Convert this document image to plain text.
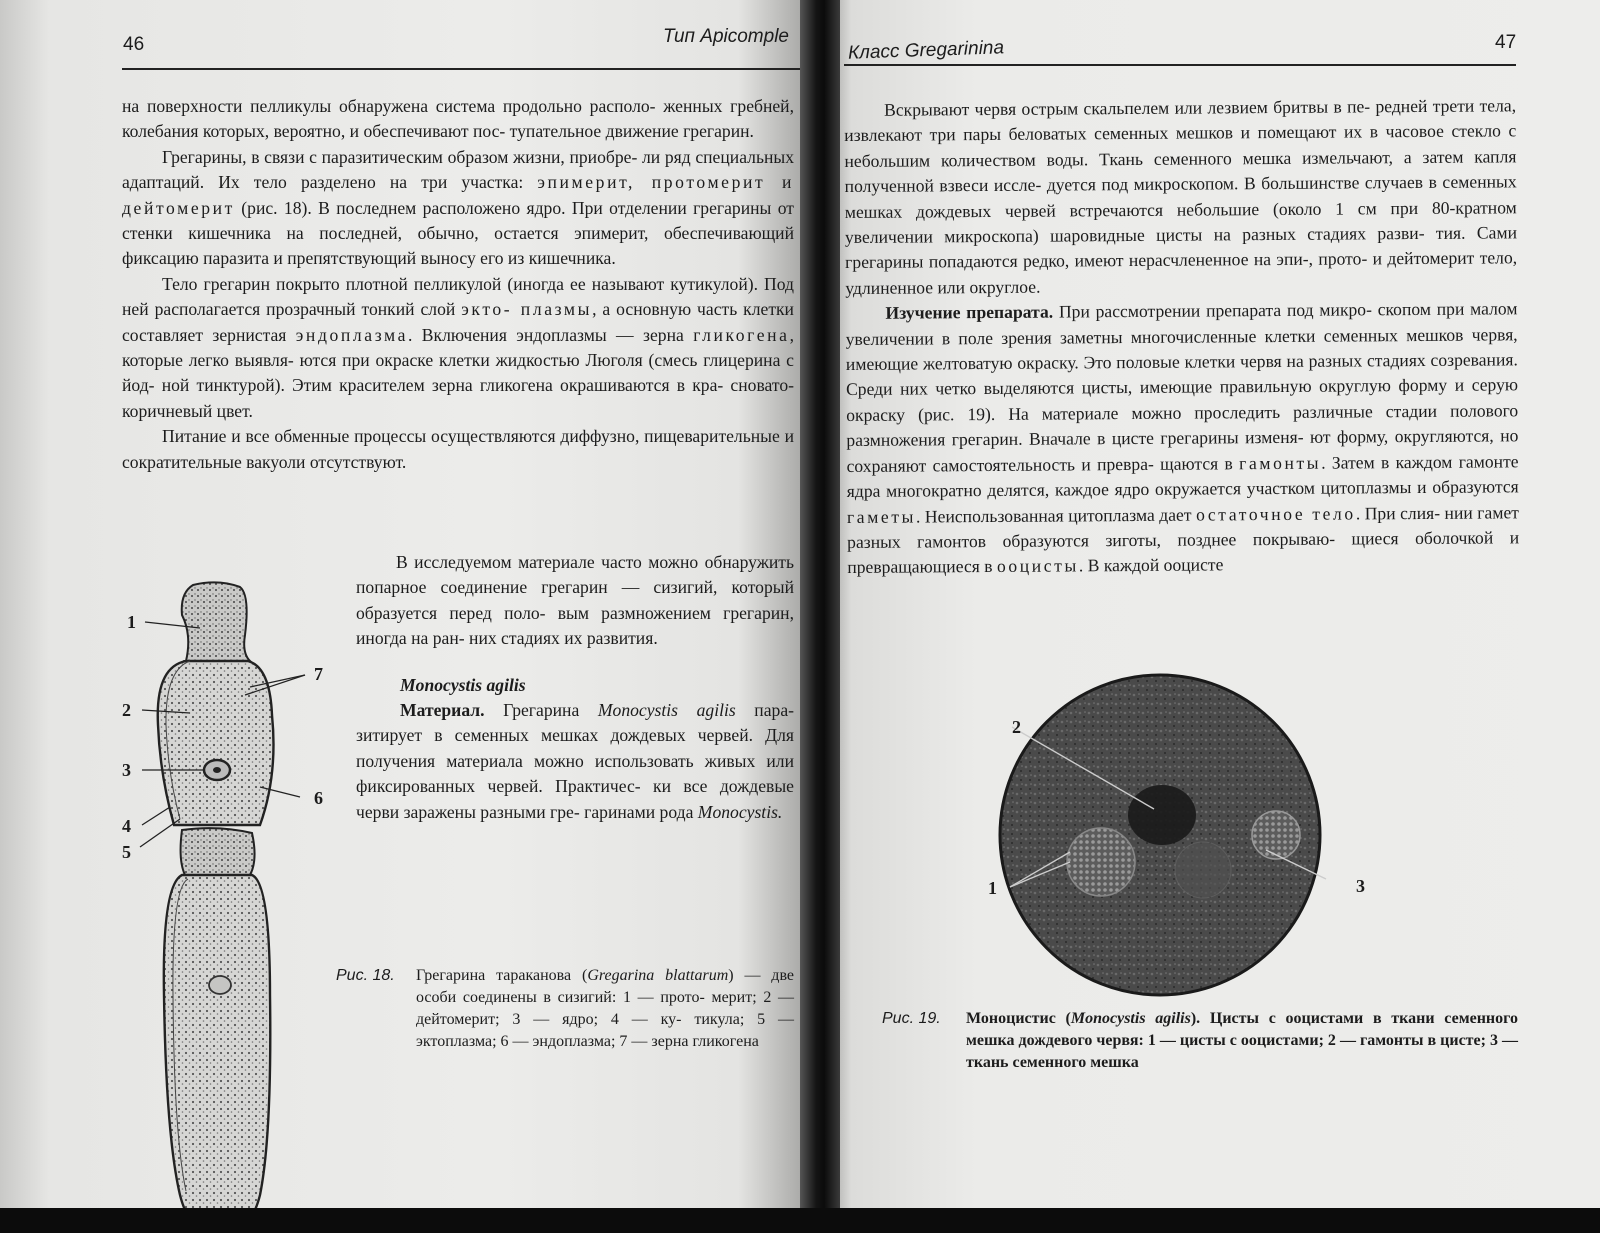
46	Тип Apicomple

на поверхности пелликулы обнаружена система продольно располо- женных гребней, колебания которых, вероятно, и обеспечивают пос- тупательное движение грегарин.

Грегарины, в связи с паразитическим образом жизни, приобре- ли ряд специальных адаптаций. Их тело разделено на три участка: эпимерит, протомерит и дейтомерит (рис. 18). В последнем расположено ядро. При отделении грегарины от стенки кишечника на последней, обычно, остается эпимерит, обеспечивающий фиксацию паразита и препятствующий выносу его из кишечника.

Тело грегарин покрыто плотной пелликулой (иногда ее называют кутикулой). Под ней располагается прозрачный тонкий слой экто- плазмы, а основную часть клетки составляет зернистая эндоплазма. Включения эндоплазмы — зерна гликогена, которые легко выявля- ются при окраске клетки жидкостью Люголя (смесь глицерина с йод- ной тинктурой). Этим красителем зерна гликогена окрашиваются в кра- сновато-коричневый цвет.

Питание и все обменные процессы осуществляются диффузно, пищеварительные и сократительные вакуоли отсутствуют.

В исследуемом материале часто можно обнаружить попарное соединение грегарин — сизигий, который образуется перед поло- вым размножением грегарин, иногда на ран- них стадиях их развития.

Monocystis agilis

Материал. Грегарина Monocystis agilis пара- зитирует в семенных мешках дождевых червей. Для получения материала можно использовать живых или фиксированных червей. Практичес- ки все дождевые черви заражены разными гре- гаринами рода Monocystis.

1
2
3
4
5
6
7
Рис. 18. Грегарина тараканова (Gregarina blattarum) — две особи соединены в сизигий: 1 — прото- мерит; 2 — дейтомерит; 3 — ядро; 4 — ку- тикула; 5 — эктоплазма; 6 — эндоплазма; 7 — зерна гликогена
Класс Gregarinina	47

Вскрывают червя острым скальпелем или лезвием бритвы в пе- редней трети тела, извлекают три пары беловатых семенных мешков и помещают их в часовое стекло с небольшим количеством воды. Ткань семенного мешка измельчают, а затем капля полученной взвеси иссле- дуется под микроскопом. В большинстве случаев в семенных мешках дождевых червей встречаются небольшие (около 1 см при 80-кратном увеличении микроскопа) шаровидные цисты на разных стадиях разви- тия. Сами грегарины попадаются редко, имеют нерасчлененное на эпи-, прото- и дейтомерит тело, удлиненное или округлое.

Изучение препарата. При рассмотрении препарата под микро- скопом при малом увеличении в поле зрения заметны многочисленные клетки семенных мешков червя, имеющие желтоватую окраску. Это половые клетки червя на разных стадиях созревания. Среди них четко выделяются цисты, имеющие правильную округлую форму и серую окраску (рис. 19). На материале можно проследить различные стадии полового размножения грегарин. Вначале в цисте грегарины изменя- ют форму, округляются, но сохраняют самостоятельность и превра- щаются в гамонты. Затем в каждом гамонте ядра многократно делятся, каждое ядро окружается участком цитоплазмы и образуются гаметы. Неиспользованная цитоплазма дает остаточное тело. При слия- нии гамет разных гамонтов образуются зиготы, позднее покрываю- щиеся оболочкой и превращающиеся в ооцисты. В каждой ооцисте

2
1	3
Рис. 19. Моноцистис (Monocystis agilis). Цисты с ооцистами в ткани семенного мешка дождевого червя: 1 — цисты с ооцистами; 2 — гамонты в цисте; 3 — ткань семенного мешка
